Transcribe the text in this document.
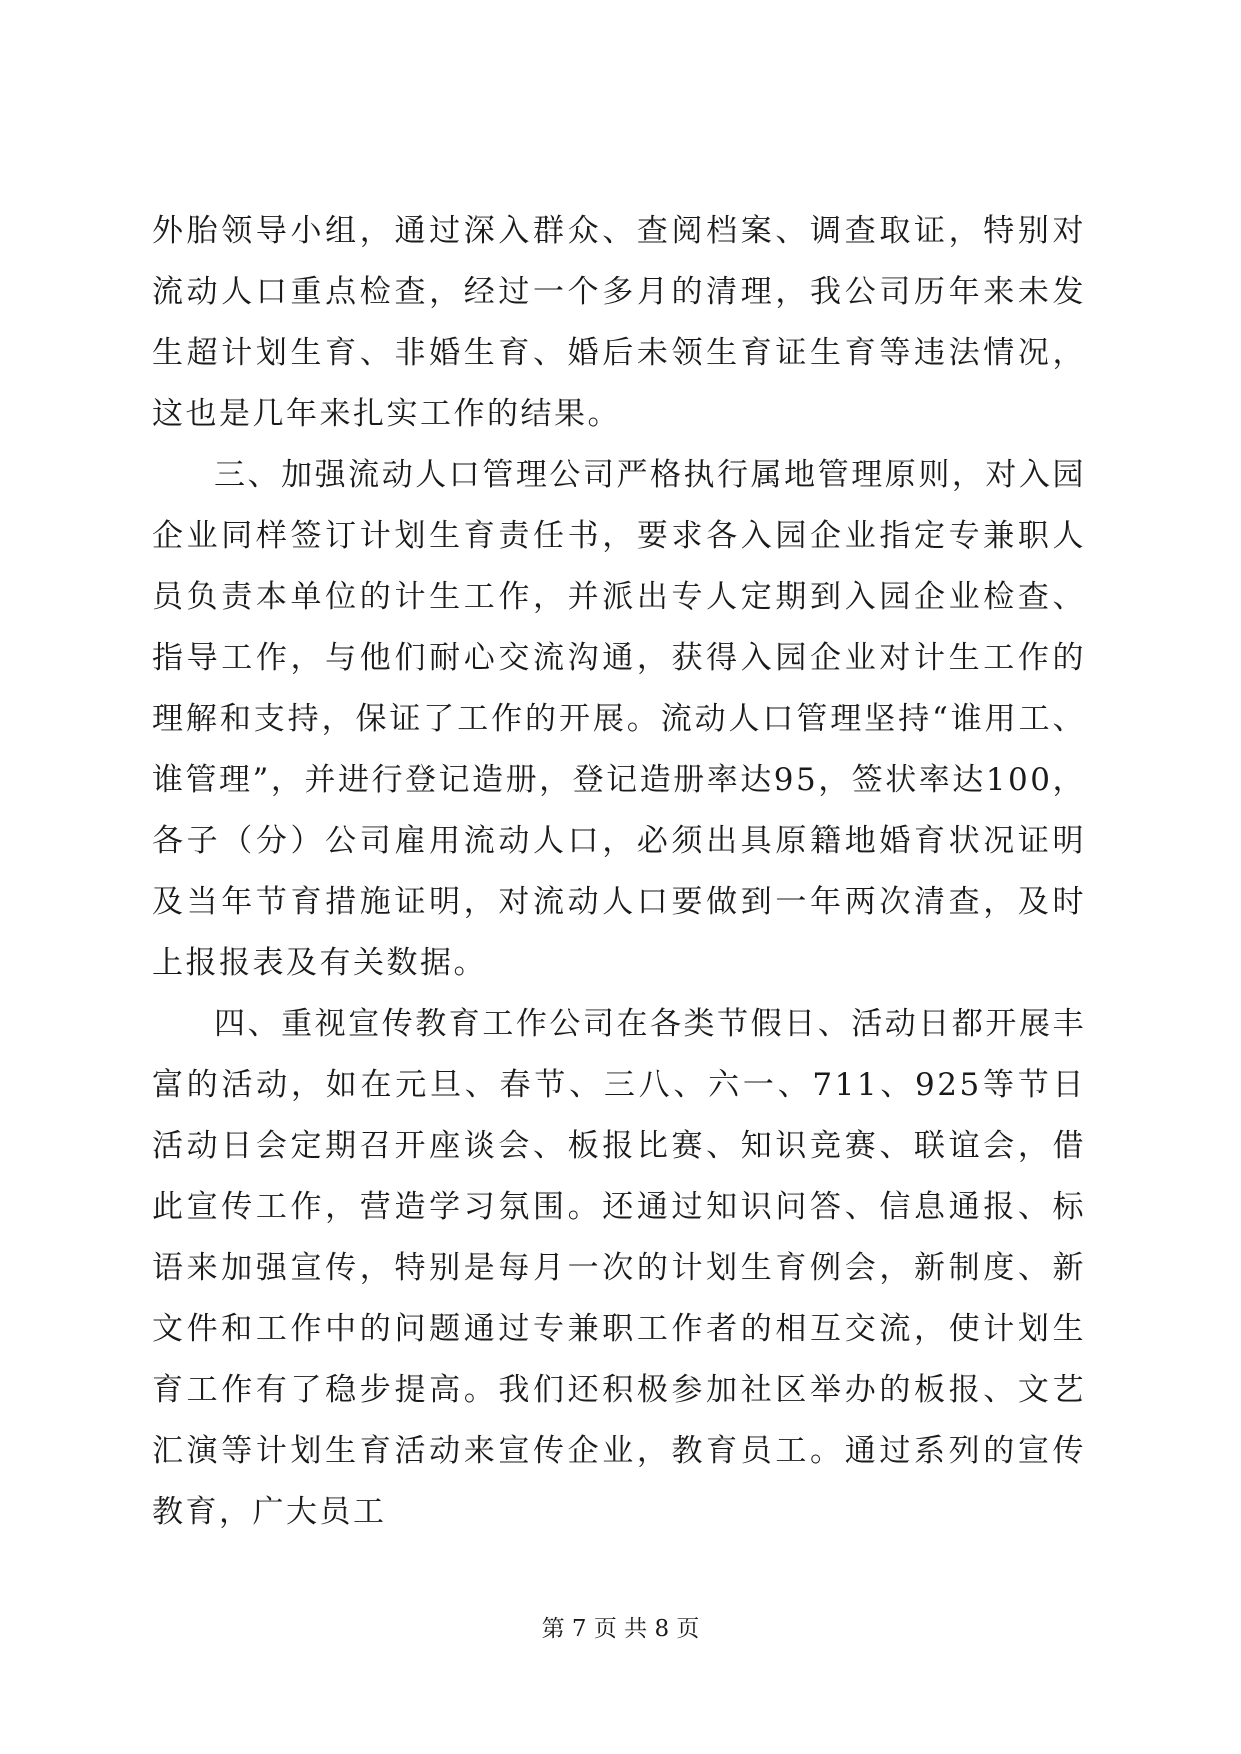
外胎领导小组，通过深入群众、查阅档案、调查取证，特别对流动人口重点检查，经过一个多月的清理，我公司历年来未发生超计划生育、非婚生育、婚后未领生育证生育等违法情况，这也是几年来扎实工作的结果。

三、加强流动人口管理公司严格执行属地管理原则，对入园企业同样签订计划生育责任书，要求各入园企业指定专兼职人员负责本单位的计生工作，并派出专人定期到入园企业检查、指导工作，与他们耐心交流沟通，获得入园企业对计生工作的理解和支持，保证了工作的开展。流动人口管理坚持“谁用工、谁管理”，并进行登记造册，登记造册率达95，签状率达100，各子（分）公司雇用流动人口，必须出具原籍地婚育状况证明及当年节育措施证明，对流动人口要做到一年两次清查，及时上报报表及有关数据。

四、重视宣传教育工作公司在各类节假日、活动日都开展丰富的活动，如在元旦、春节、三八、六一、711、925等节日活动日会定期召开座谈会、板报比赛、知识竞赛、联谊会，借此宣传工作，营造学习氛围。还通过知识问答、信息通报、标语来加强宣传，特别是每月一次的计划生育例会，新制度、新文件和工作中的问题通过专兼职工作者的相互交流，使计划生育工作有了稳步提高。我们还积极参加社区举办的板报、文艺汇演等计划生育活动来宣传企业，教育员工。通过系列的宣传教育，广大员工

第 7 页 共 8 页
